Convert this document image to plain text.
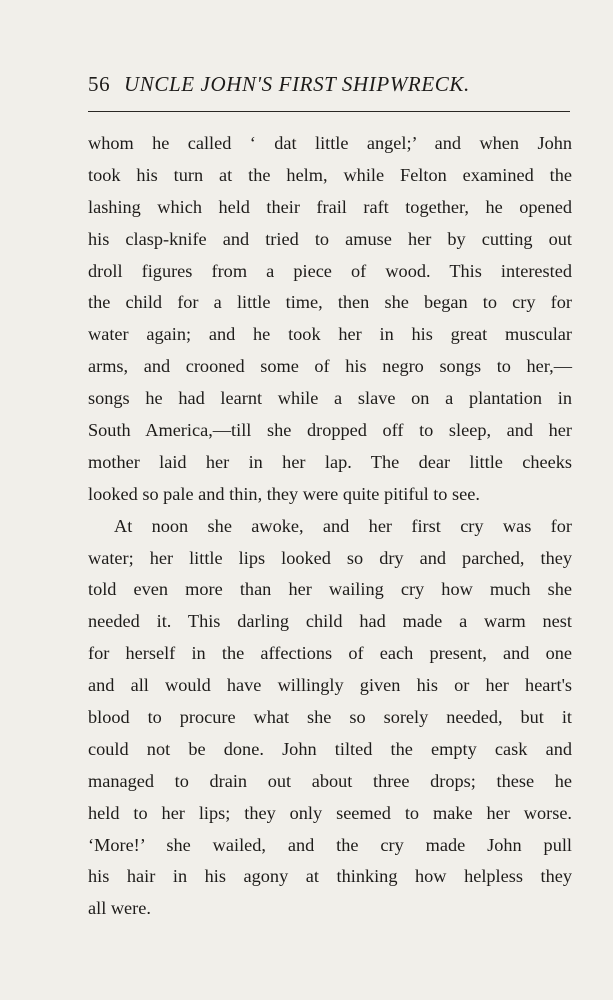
56 UNCLE JOHN'S FIRST SHIPWRECK.
whom he called ‘ dat little angel;’ and when John
took his turn at the helm, while Felton examined the
lashing which held their frail raft together, he opened
his clasp-knife and tried to amuse her by cutting out
droll figures from a piece of wood. This interested
the child for a little time, then she began to cry for
water again; and he took her in his great muscular
arms, and crooned some of his negro songs to her,—
songs he had learnt while a slave on a plantation in
South America,—till she dropped off to sleep, and her
mother laid her in her lap. The dear little cheeks
looked so pale and thin, they were quite pitiful to see.
At noon she awoke, and her first cry was for
water; her little lips looked so dry and parched, they
told even more than her wailing cry how much she
needed it. This darling child had made a warm nest
for herself in the affections of each present, and one
and all would have willingly given his or her heart's
blood to procure what she so sorely needed, but it
could not be done. John tilted the empty cask and
managed to drain out about three drops; these he
held to her lips; they only seemed to make her worse.
‘More!’ she wailed, and the cry made John pull
his hair in his agony at thinking how helpless they
all were.
